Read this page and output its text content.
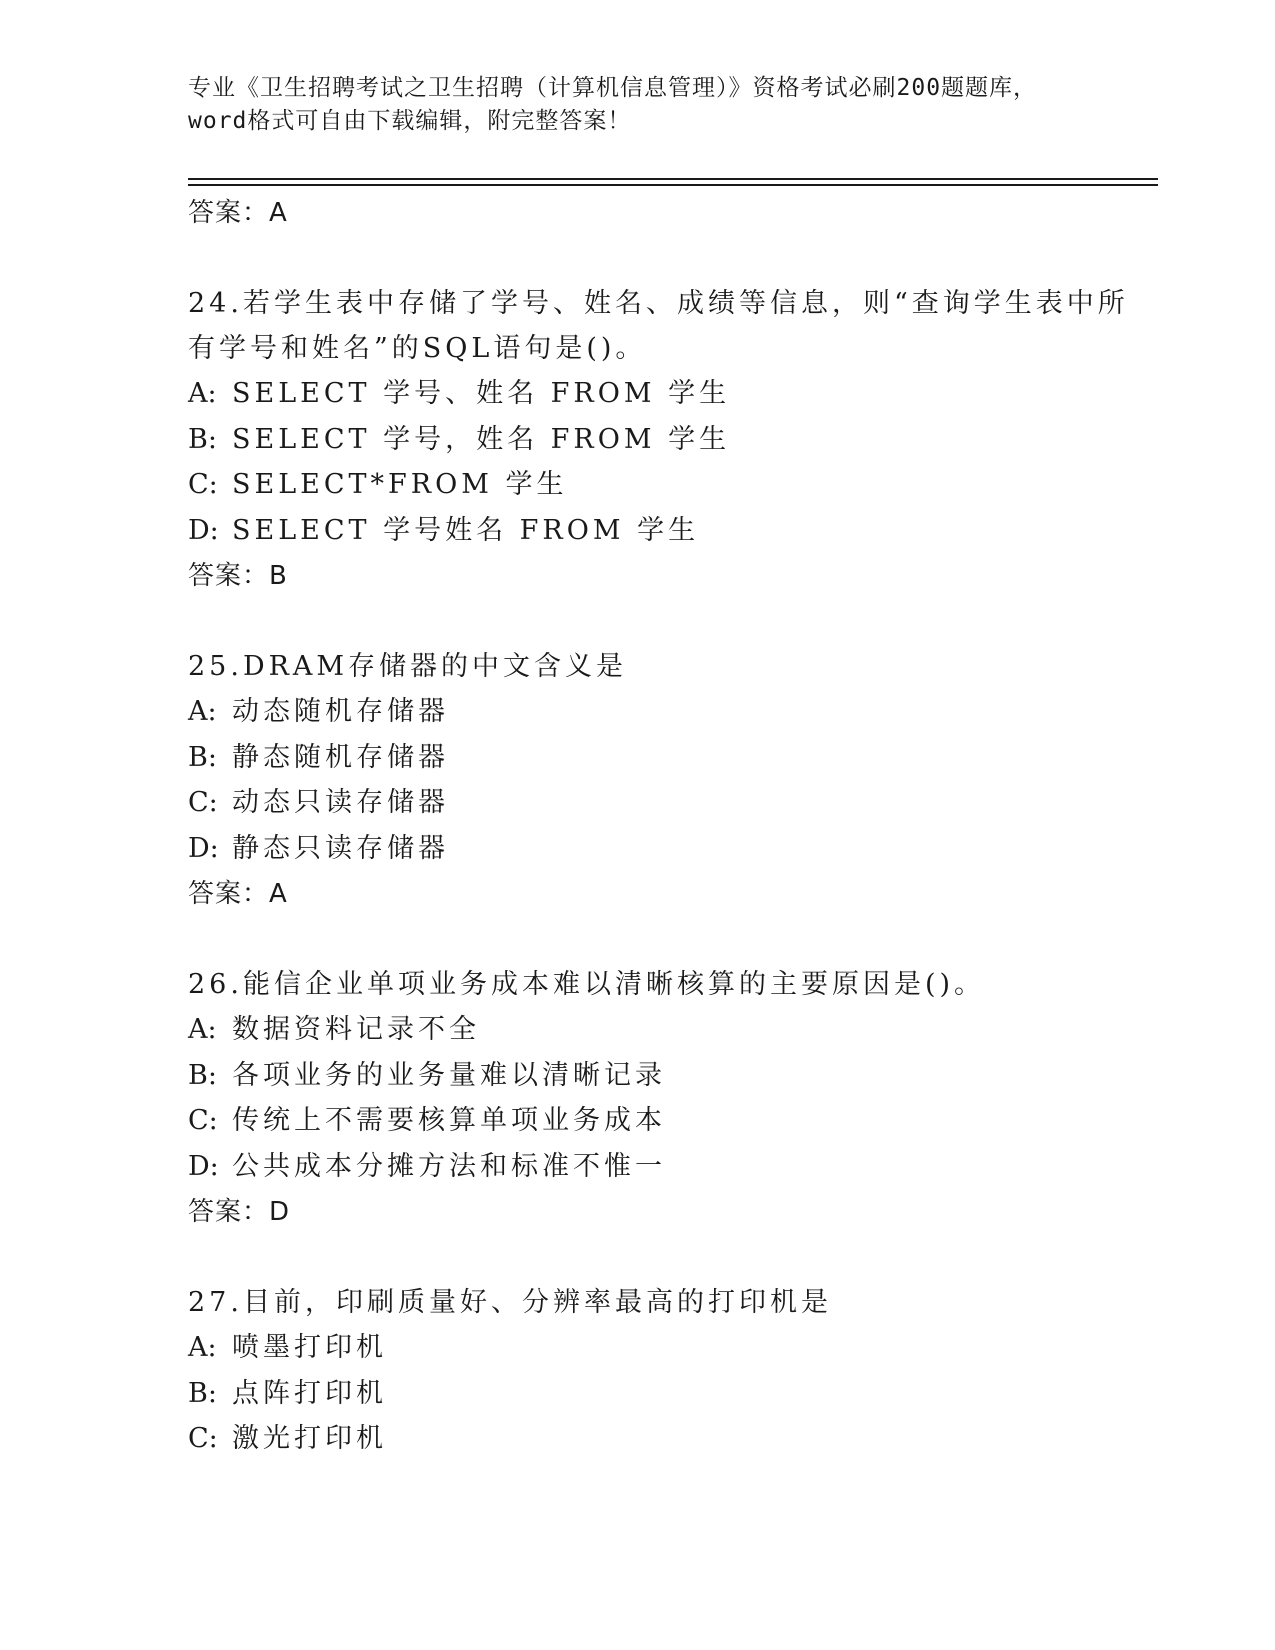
专业《卫生招聘考试之卫生招聘（计算机信息管理）》资格考试必刷200题题库，
word格式可自由下载编辑，附完整答案！
答案：A
24.若学生表中存储了学号、姓名、成绩等信息，则“查询学生表中所有学号和姓名”的SQL语句是()。
A: SELECT 学号、姓名 FROM 学生
B: SELECT 学号，姓名 FROM 学生
C: SELECT*FROM 学生
D: SELECT 学号姓名 FROM 学生
答案：B
25.DRAM存储器的中文含义是
A: 动态随机存储器
B: 静态随机存储器
C: 动态只读存储器
D: 静态只读存储器
答案：A
26.能信企业单项业务成本难以清晰核算的主要原因是()。
A: 数据资料记录不全
B: 各项业务的业务量难以清晰记录
C: 传统上不需要核算单项业务成本
D: 公共成本分摊方法和标准不惟一
答案：D
27.目前，印刷质量好、分辨率最高的打印机是
A: 喷墨打印机
B: 点阵打印机
C: 激光打印机
